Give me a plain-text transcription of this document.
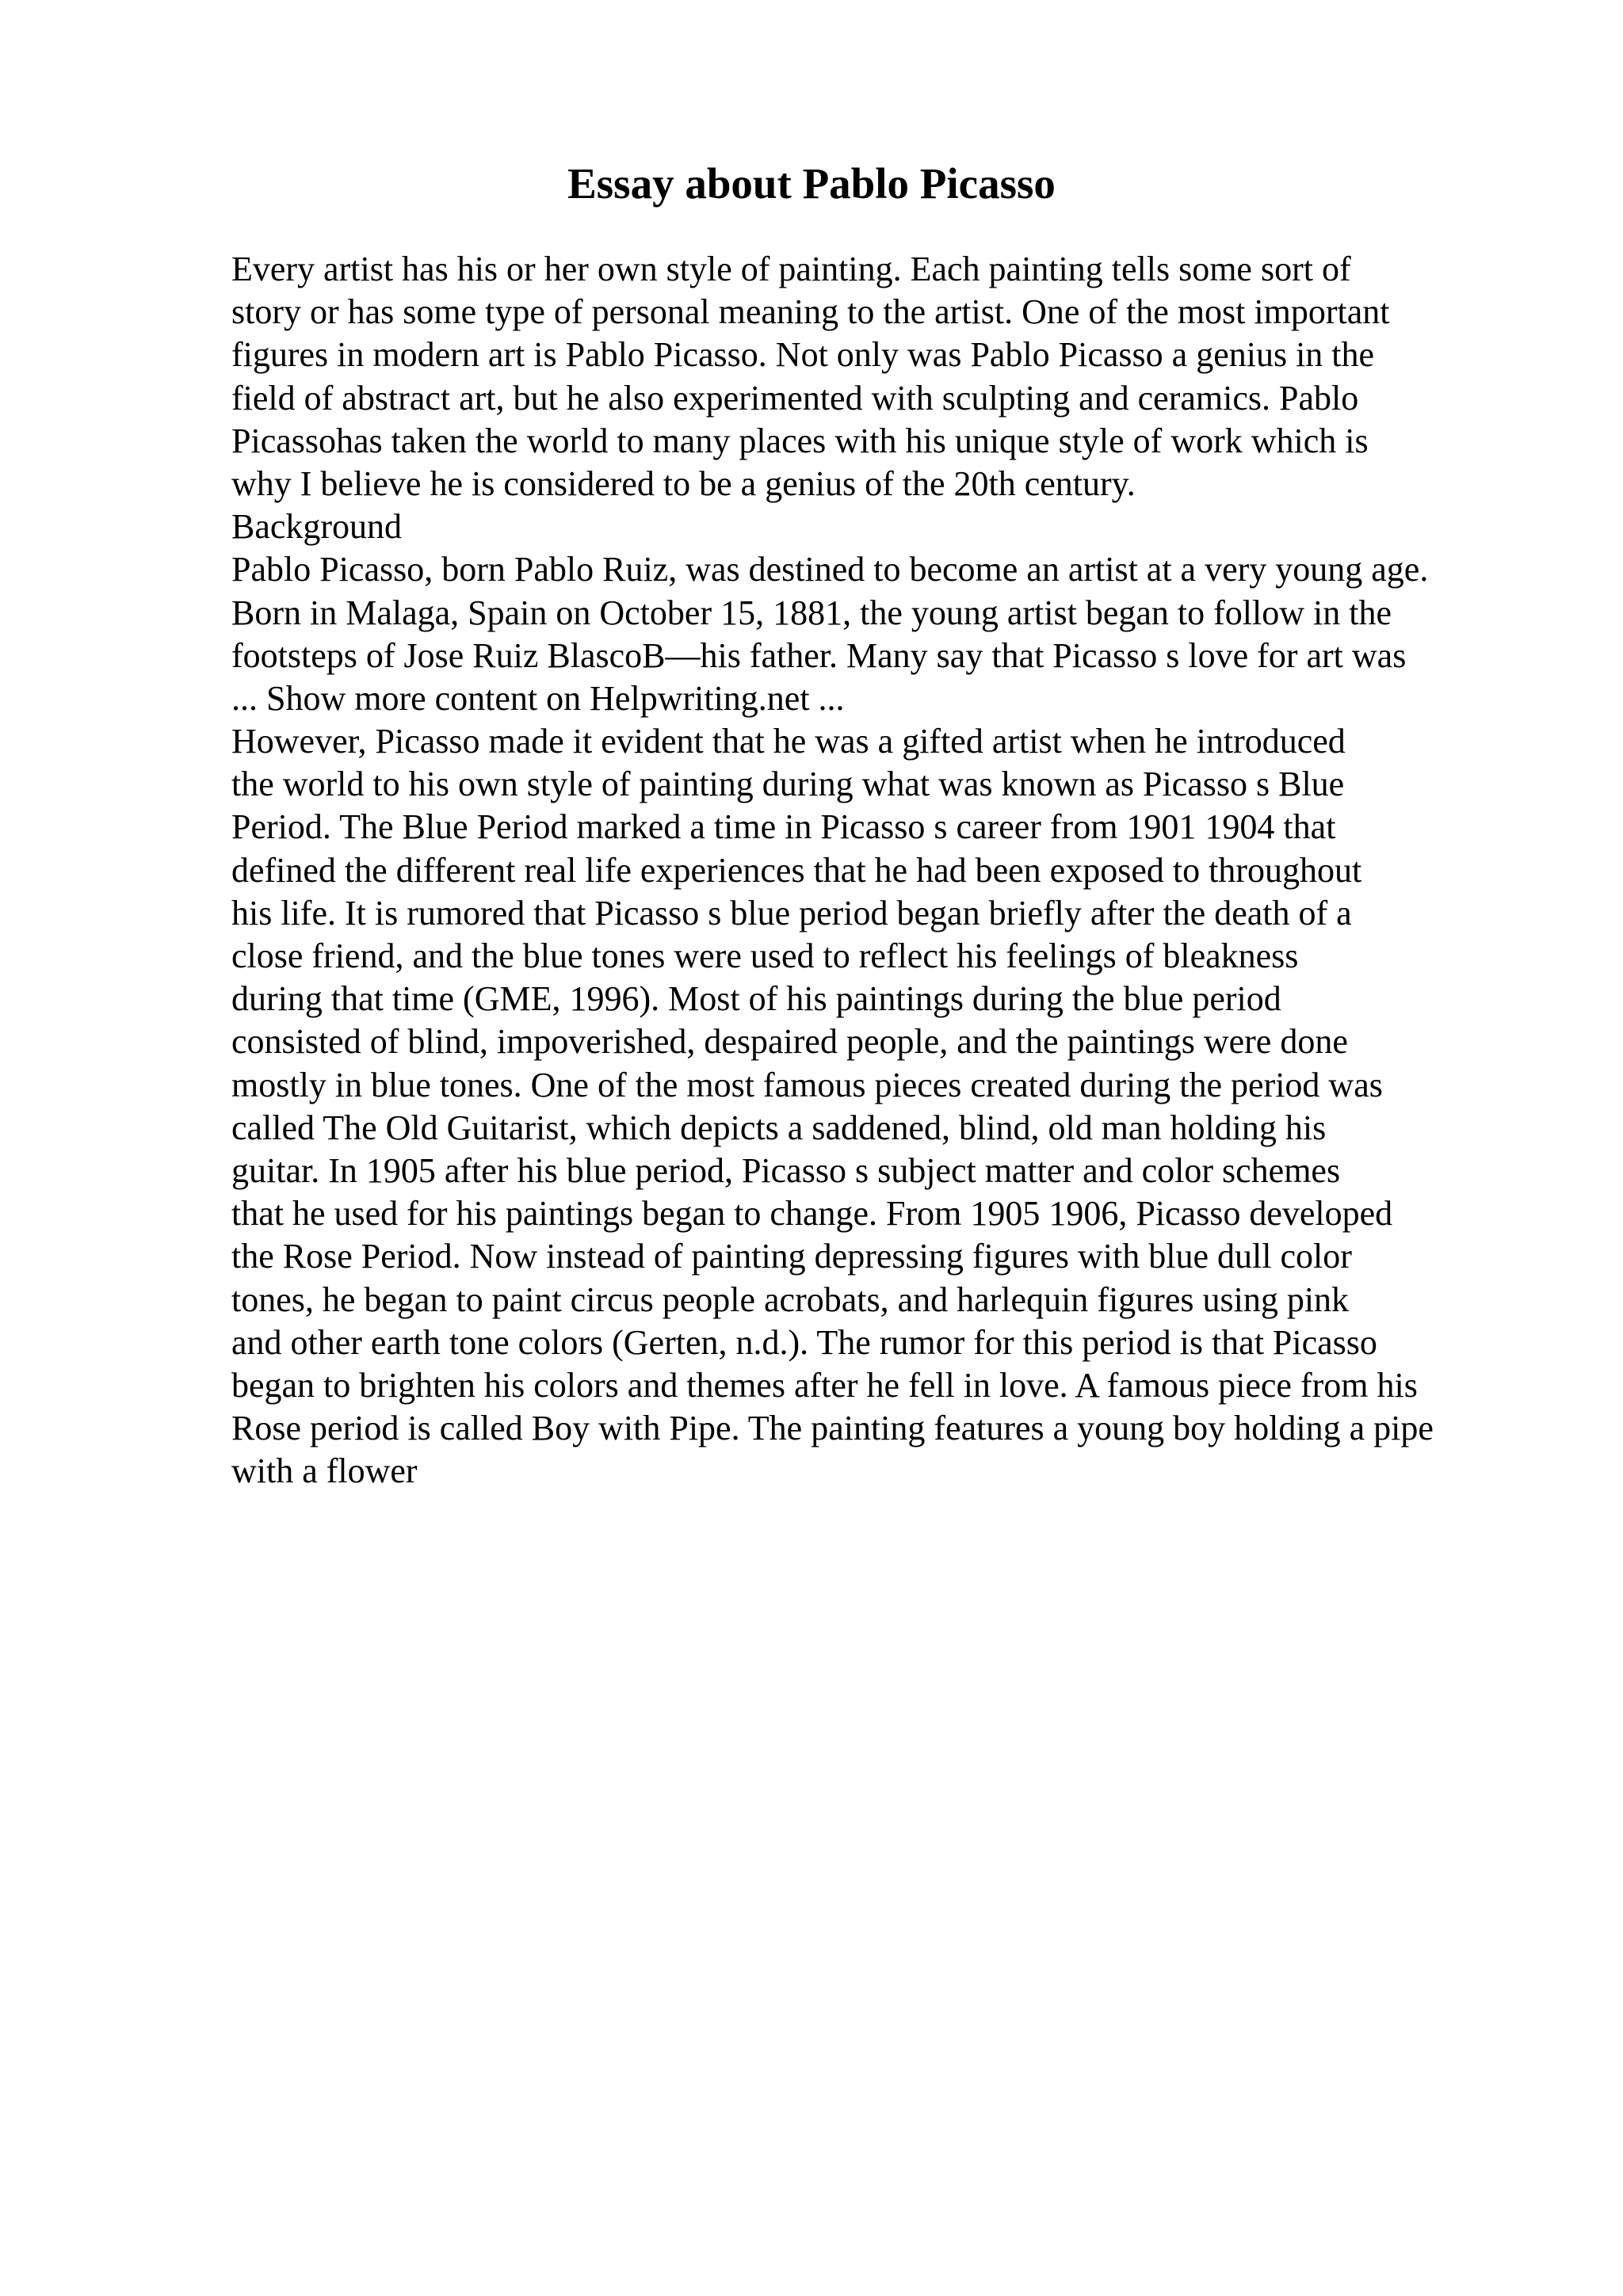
Essay about Pablo Picasso
Every artist has his or her own style of painting. Each painting tells some sort of
story or has some type of personal meaning to the artist. One of the most important
figures in modern art is Pablo Picasso. Not only was Pablo Picasso a genius in the
field of abstract art, but he also experimented with sculpting and ceramics. Pablo
Picassohas taken the world to many places with his unique style of work which is
why I believe he is considered to be a genius of the 20th century.
Background
Pablo Picasso, born Pablo Ruiz, was destined to become an artist at a very young age.
Born in Malaga, Spain on October 15, 1881, the young artist began to follow in the
footsteps of Jose Ruiz BlascoB—his father. Many say that Picasso s love for art was
... Show more content on Helpwriting.net ...
However, Picasso made it evident that he was a gifted artist when he introduced
the world to his own style of painting during what was known as Picasso s Blue
Period. The Blue Period marked a time in Picasso s career from 1901 1904 that
defined the different real life experiences that he had been exposed to throughout
his life. It is rumored that Picasso s blue period began briefly after the death of a
close friend, and the blue tones were used to reflect his feelings of bleakness
during that time (GME, 1996). Most of his paintings during the blue period
consisted of blind, impoverished, despaired people, and the paintings were done
mostly in blue tones. One of the most famous pieces created during the period was
called The Old Guitarist, which depicts a saddened, blind, old man holding his
guitar. In 1905 after his blue period, Picasso s subject matter and color schemes
that he used for his paintings began to change. From 1905 1906, Picasso developed
the Rose Period. Now instead of painting depressing figures with blue dull color
tones, he began to paint circus people acrobats, and harlequin figures using pink
and other earth tone colors (Gerten, n.d.). The rumor for this period is that Picasso
began to brighten his colors and themes after he fell in love. A famous piece from his
Rose period is called Boy with Pipe. The painting features a young boy holding a pipe
with a flower
